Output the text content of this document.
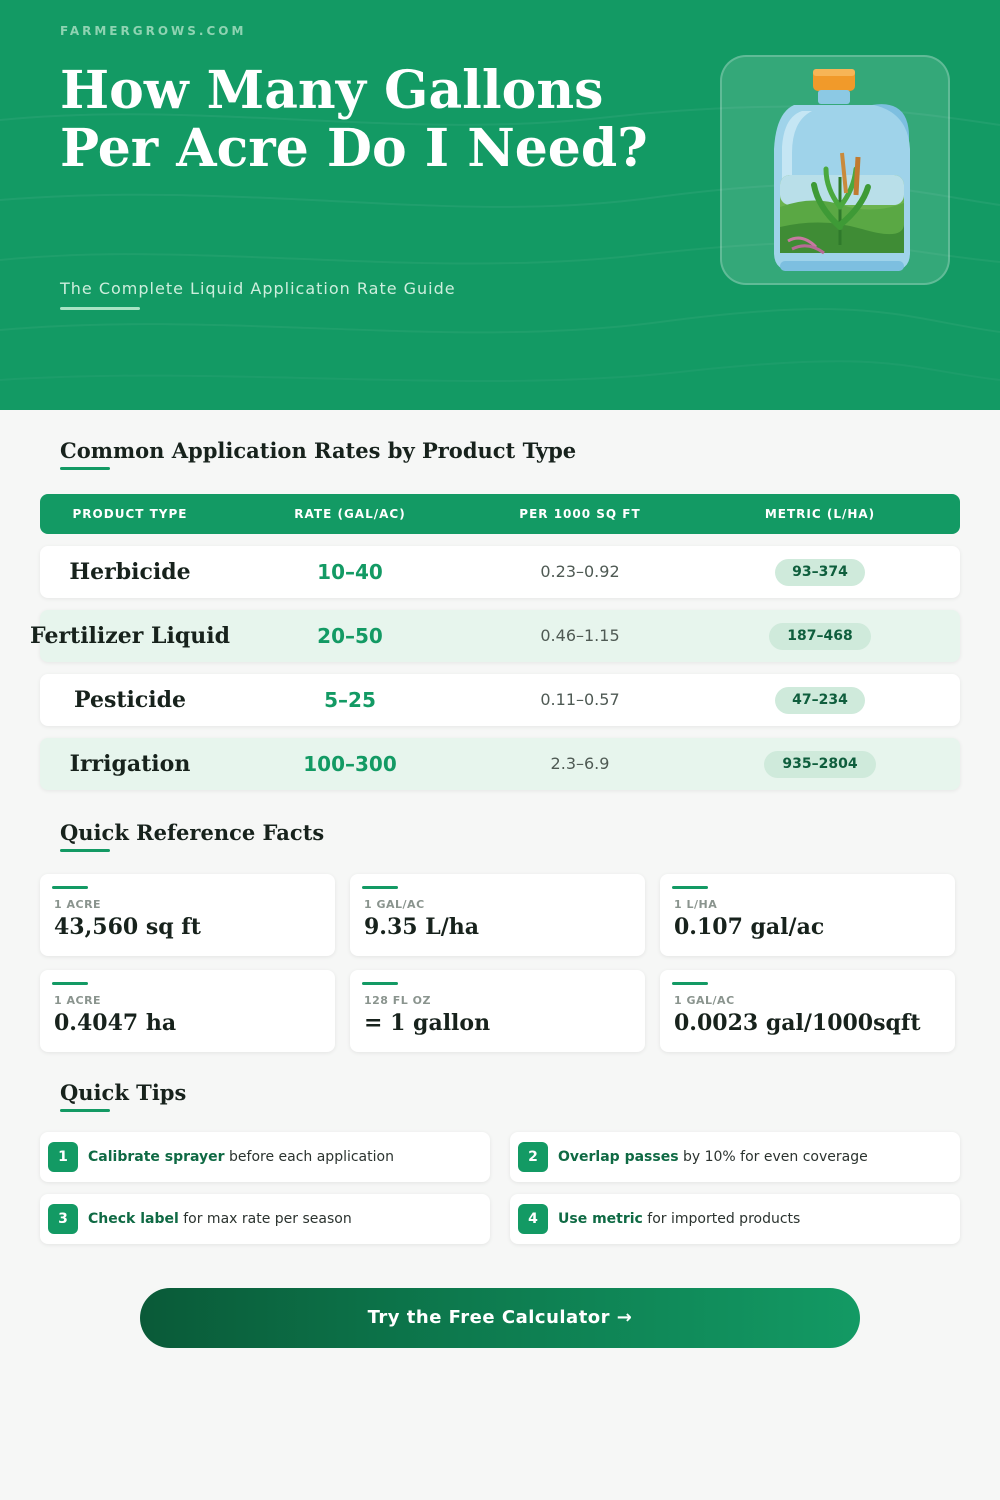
FARMERGROWS.COM
How Many Gallons Per Acre Do I Need?
The Complete Liquid Application Rate Guide
Common Application Rates by Product Type
PRODUCT TYPE	RATE (GAL/AC)	PER 1000 SQ FT	METRIC (L/HA)
Herbicide	10–40	0.23–0.92	93–374
Fertilizer Liquid	20–50	0.46–1.15	187–468
Pesticide	5–25	0.11–0.57	47–234
Irrigation	100–300	2.3–6.9	935–2804
Quick Reference Facts
1 ACRE
43,560 sq ft
1 GAL/AC
9.35 L/ha
1 L/HA
0.107 gal/ac
1 ACRE
0.4047 ha
128 FL OZ
= 1 gallon
1 GAL/AC
0.0023 gal/1000sqft
Quick Tips
1	Calibrate sprayer before each application	2	Overlap passes by 10% for even coverage
3	Check label for max rate per season	4	Use metric for imported products
Try the Free Calculator →
